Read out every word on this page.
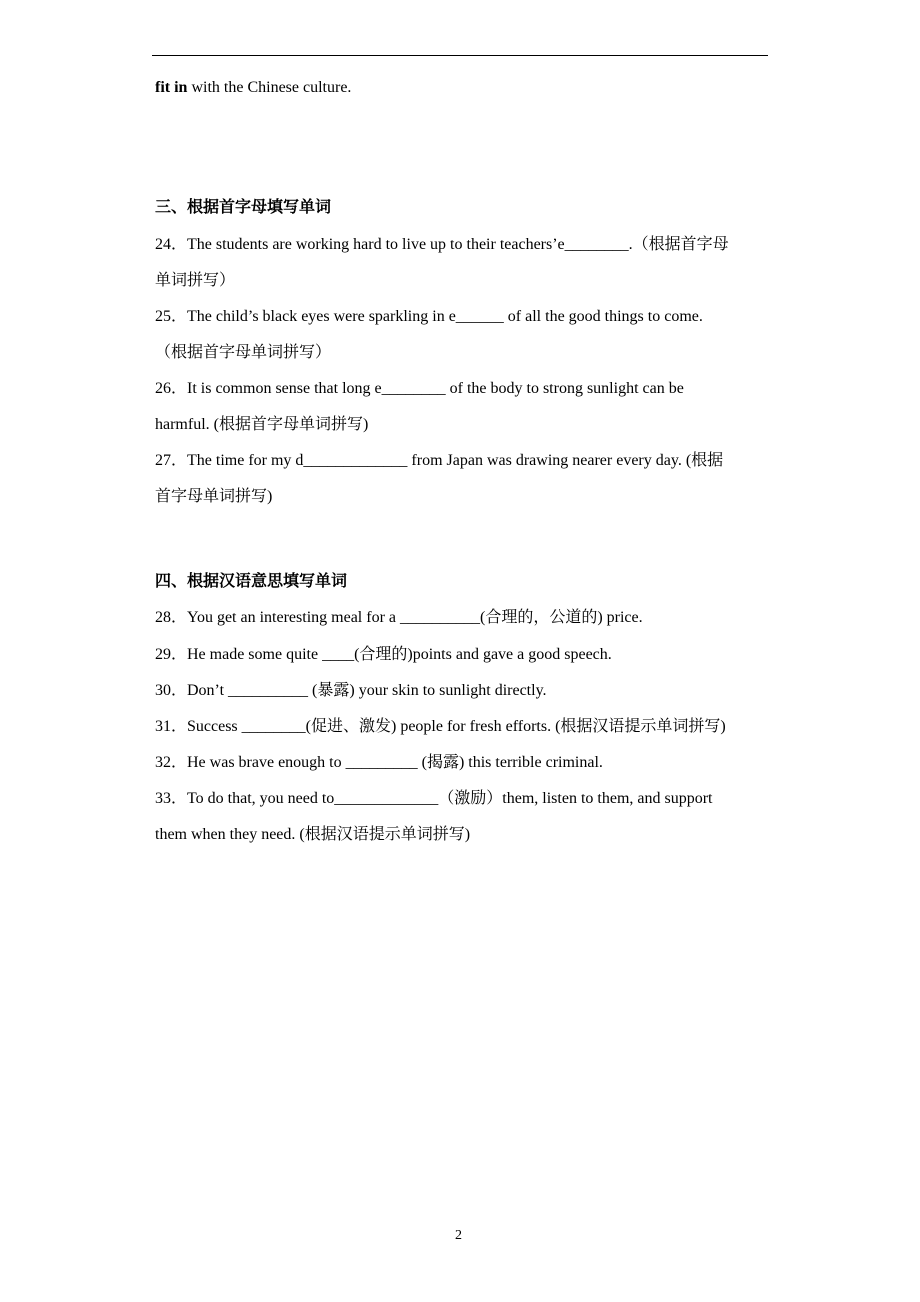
fit in with the Chinese culture.
三、根据首字母填写单词
24．The students are working hard to live up to their teachers’e________.（根据首字母
单词拼写）
25．The child’s black eyes were sparkling in e______ of all the good things to come.
（根据首字母单词拼写）
26．It is common sense that long e________ of the body to strong sunlight can be
harmful. (根据首字母单词拼写)
27．The time for my d_____________ from Japan was drawing nearer every day. (根据
首字母单词拼写)
四、根据汉语意思填写单词
28．You get an interesting meal for a __________(合理的，公道的) price.
29．He made some quite ____(合理的)points and gave a good speech.
30．Don’t __________ (暴露) your skin to sunlight directly.
31．Success ________(促进、激发) people for fresh efforts. (根据汉语提示单词拼写)
32．He was brave enough to _________ (揭露) this terrible criminal.
33．To do that, you need to_____________（激励）them, listen to them, and support
them when they need. (根据汉语提示单词拼写)
2
